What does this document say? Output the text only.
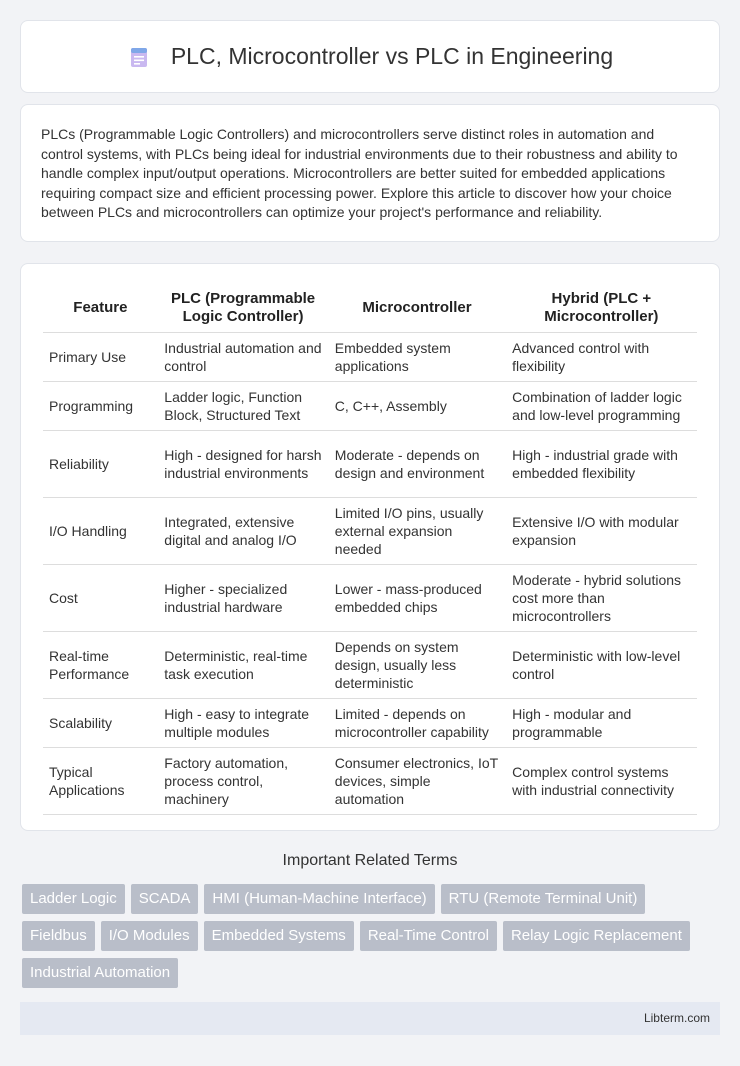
PLC, Microcontroller vs PLC in Engineering

PLCs (Programmable Logic Controllers) and microcontrollers serve distinct roles in automation and control systems, with PLCs being ideal for industrial environments due to their robustness and ability to handle complex input/output operations. Microcontrollers are better suited for embedded applications requiring compact size and efficient processing power. Explore this article to discover how your choice between PLCs and microcontrollers can optimize your project's performance and reliability.

Feature	PLC (Programmable Logic Controller)	Microcontroller	Hybrid (PLC + Microcontroller)
Primary Use	Industrial automation and control	Embedded system applications	Advanced control with flexibility
Programming	Ladder logic, Function Block, Structured Text	C, C++, Assembly	Combination of ladder logic and low-level programming
Reliability	High - designed for harsh industrial environments	Moderate - depends on design and environment	High - industrial grade with embedded flexibility
I/O Handling	Integrated, extensive digital and analog I/O	Limited I/O pins, usually external expansion needed	Extensive I/O with modular expansion
Cost	Higher - specialized industrial hardware	Lower - mass-produced embedded chips	Moderate - hybrid solutions cost more than microcontrollers
Real-time Performance	Deterministic, real-time task execution	Depends on system design, usually less deterministic	Deterministic with low-level control
Scalability	High - easy to integrate multiple modules	Limited - depends on microcontroller capability	High - modular and programmable
Typical Applications	Factory automation, process control, machinery	Consumer electronics, IoT devices, simple automation	Complex control systems with industrial connectivity
Important Related Terms
Ladder Logic	SCADA	HMI (Human-Machine Interface)	RTU (Remote Terminal Unit)
Fieldbus	I/O Modules	Embedded Systems	Real-Time Control	Relay Logic Replacement
Industrial Automation
Libterm.com
